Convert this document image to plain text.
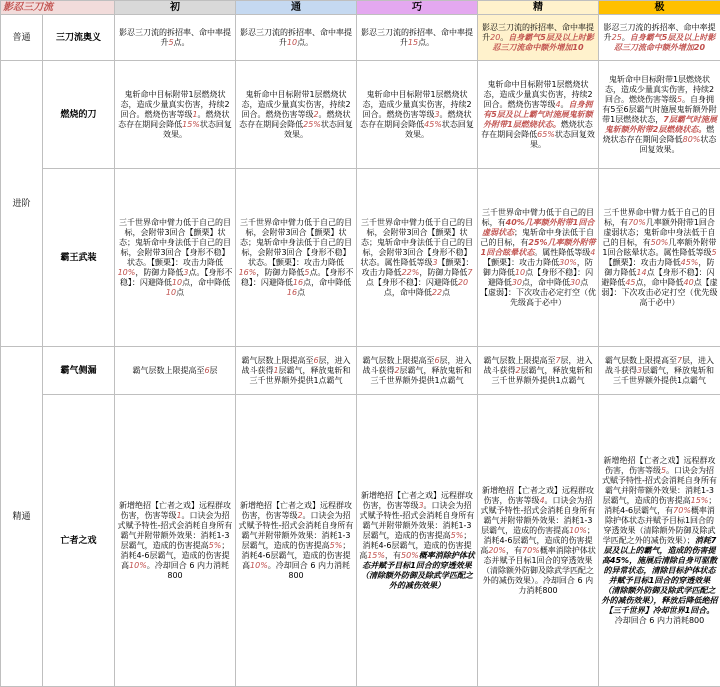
影忍三刀流		初	通	巧	精	极
普通	三刀流奥义	影忍三刀流的拆招率、命中率提升5点。	影忍三刀流的拆招率、命中率提升10点。	影忍三刀流的拆招率、命中率提升15点。	影忍三刀流的拆招率、命中率提升20。自身霸气5层及以上时影忍三刀流命中额外增加10	影忍三刀流的拆招率、命中率提升25。自身霸气5层及以上时影忍三刀流命中额外增加20
进阶	燃烧的刀	鬼斩命中目标附带1层燃烧状态，造成少量真实伤害，持续2回合。燃烧伤害等级1。燃烧状态存在期间会降低15%状态回复效果。	鬼斩命中目标附带1层燃烧状态，造成少量真实伤害，持续2回合。燃烧伤害等级2。燃烧状态存在期间会降低25%状态回复效果。	鬼斩命中目标附带1层燃烧状态，造成少量真实伤害，持续2回合。燃烧伤害等级3。燃烧状态存在期间会降低45%状态回复效果。	鬼斩命中目标附带1层燃烧状态，造成少量真实伤害，持续2回合。燃烧伤害等级4。自身拥有5层及以上霸气时施展鬼斩额外附带1层燃烧状态。燃烧状态存在期间会降低65%状态回复效果。	鬼斩命中目标附带1层燃烧状态，造成少量真实伤害，持续2回合。燃烧伤害等级5。自身拥有5至6层霸气时施展鬼斩额外附带1层燃烧状态，7层霸气时施展鬼斩额外附带2层燃烧状态。燃烧状态存在期间会降低80%状态回复效果。
	霸王武装	三千世界命中臂力低于自己的目标，会附带3回合【颤栗】状态；鬼斩命中身法低于自己的目标，会附带3回合【身形不稳】状态。【颤栗】：攻击力降低10%，防御力降低3点。【身形不稳】：闪避降低10点，命中降低10点	三千世界命中臂力低于自己的目标，会附带3回合【颤栗】状态；鬼斩命中身法低于自己的目标，会附带3回合【身形不稳】状态。【颤栗】：攻击力降低16%，防御力降低5点。【身形不稳】：闪避降低16点，命中降低16点	三千世界命中臂力低于自己的目标，会附带3回合【颤栗】状态；鬼斩命中身法低于自己的目标，会附带3回合【身形不稳】状态。属性降低等级3【颤栗】：攻击力降低22%，防御力降低7点【身形不稳】：闪避降低20点，命中降低22点	三千世界命中臂力低于自己的目标，有40%几率额外附带1回合虚弱状态；鬼斩命中身法低于自己的目标，有25%几率额外附带1回合眩晕状态。属性降低等级4【颤栗】：攻击力降低30%，防御力降低10点【身形不稳】：闪避降低30点，命中降低30点【虚弱】：下次攻击必定打空（优先级高于必中）	三千世界命中臂力低于自己的目标，有70%几率额外附带1回合虚弱状态；鬼斩命中身法低于自己的目标，有50%几率额外附带1回合眩晕状态。属性降低等级5【颤栗】：攻击力降低45%，防御力降低14点【身形不稳】：闪避降低45点，命中降低40点【虚弱】：下次攻击必定打空（优先级高于必中）
精通	霸气侧漏	霸气层数上限提高至6层	霸气层数上限提高至6层，进入战斗获得1层霸气，释放鬼斩和三千世界额外提供1点霸气	霸气层数上限提高至6层，进入战斗获得2层霸气，释放鬼斩和三千世界额外提供1点霸气	霸气层数上限提高至7层，进入战斗获得2层霸气，释放鬼斩和三千世界额外提供1点霸气	霸气层数上限提高至7层，进入战斗获得3层霸气，释放鬼斩和三千世界额外提供1点霸气
	亡者之戏	新增绝招【亡者之戏】远程群攻伤害，伤害等级1。口诀会为招式赋予特性-招式会消耗自身所有霸气并附带额外效果：消耗1-3层霸气，造成的伤害提高5%；消耗4-6层霸气，造成的伤害提高10%。冷却回合 6 内力消耗800	新增绝招【亡者之戏】远程群攻伤害，伤害等级2。口诀会为招式赋予特性-招式会消耗自身所有霸气并附带额外效果：消耗1-3层霸气，造成的伤害提高5%；消耗4-6层霸气，造成的伤害提高10%。冷却回合 6 内力消耗800	新增绝招【亡者之戏】远程群攻伤害，伤害等级3。口诀会为招式赋予特性-招式会消耗自身所有霸气并附带额外效果：消耗1-3层霸气，造成的伤害提高5%；消耗4-6层霸气，造成的伤害提高15%，有50%概率消除护体状态并赋予目标1回合的穿透效果（清除额外防御及除武学匹配之外的减伤效果）	新增绝招【亡者之戏】远程群攻伤害，伤害等级4。口诀会为招式赋予特性-招式会消耗自身所有霸气并附带额外效果：消耗1-3层霸气，造成的伤害提高10%；消耗4-6层霸气，造成的伤害提高20%，有70%概率消除护体状态并赋予目标1回合的穿透效果（清除额外防御及除武学匹配之外的减伤效果）。冷却回合 6 内力消耗800	新增绝招【亡者之戏】远程群攻伤害，伤害等级5。口诀会为招式赋予特性-招式会消耗自身所有霸气并附带额外效果：消耗1-3层霸气，造成的伤害提高15%；消耗4-6层霸气，有70%概率消除护体状态并赋予目标1回合的穿透效果（清除额外防御及除武学匹配之外的减伤效果）；消耗7层及以上的霸气，造成的伤害提高45%，施展后清除自身可驱散的异常状态，清除目标护体状态并赋予目标1回合的穿透效果（清除额外防御及除武学匹配之外的减伤效果），释放后降低绝招【三千世界】冷却世界1回合。冷却回合 6 内力消耗800
